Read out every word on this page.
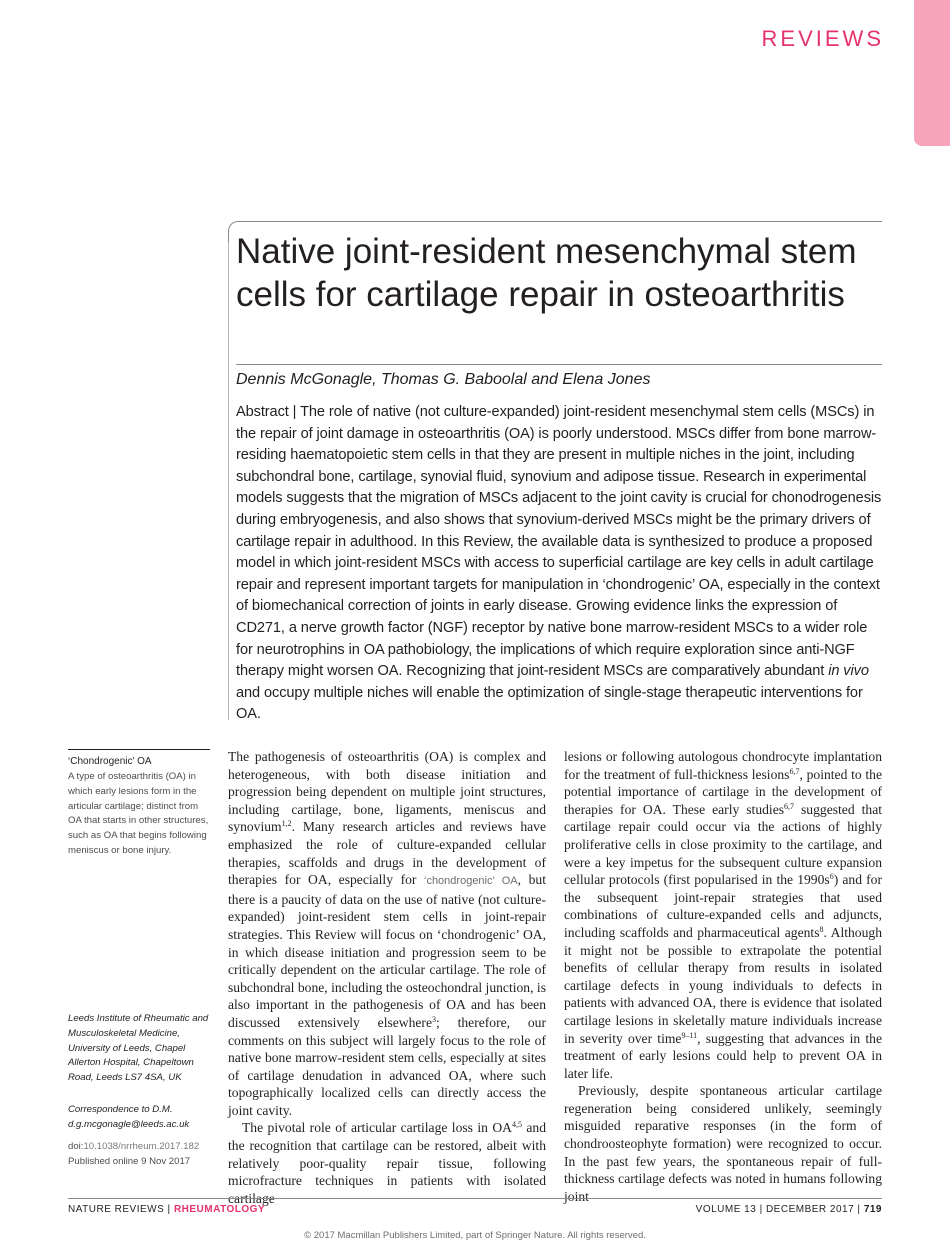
REVIEWS
Native joint-resident mesenchymal stem cells for cartilage repair in osteoarthritis
Dennis McGonagle, Thomas G. Baboolal and Elena Jones
Abstract | The role of native (not culture-expanded) joint-resident mesenchymal stem cells (MSCs) in the repair of joint damage in osteoarthritis (OA) is poorly understood. MSCs differ from bone marrow-residing haematopoietic stem cells in that they are present in multiple niches in the joint, including subchondral bone, cartilage, synovial fluid, synovium and adipose tissue. Research in experimental models suggests that the migration of MSCs adjacent to the joint cavity is crucial for chonodrogenesis during embryogenesis, and also shows that synovium-derived MSCs might be the primary drivers of cartilage repair in adulthood. In this Review, the available data is synthesized to produce a proposed model in which joint-resident MSCs with access to superficial cartilage are key cells in adult cartilage repair and represent important targets for manipulation in ‘chondrogenic’ OA, especially in the context of biomechanical correction of joints in early disease. Growing evidence links the expression of CD271, a nerve growth factor (NGF) receptor by native bone marrow-resident MSCs to a wider role for neurotrophins in OA pathobiology, the implications of which require exploration since anti-NGF therapy might worsen OA. Recognizing that joint-resident MSCs are comparatively abundant in vivo and occupy multiple niches will enable the optimization of single-stage therapeutic interventions for OA.
‘Chondrogenic’ OA
A type of osteoarthritis (OA) in which early lesions form in the articular cartilage; distinct from OA that starts in other structures, such as OA that begins following meniscus or bone injury.
Leeds Institute of Rheumatic and Musculoskeletal Medicine, University of Leeds, Chapel Allerton Hospital, Chapeltown Road, Leeds LS7 4SA, UK
Correspondence to D.M.
d.g.mcgonagle@leeds.ac.uk
doi:10.1038/nrrheum.2017.182
Published online 9 Nov 2017

The pathogenesis of osteoarthritis (OA) is complex and heterogeneous, with both disease initiation and progression being dependent on multiple joint structures, including cartilage, bone, ligaments, meniscus and synovium$^{1,2}$. Many research articles and reviews have emphasized the role of culture-expanded cellular therapies, scaffolds and drugs in the development of therapies for OA, especially for ‘chondrogenic’ OA, but there is a paucity of data on the use of native (not culture-expanded) joint-resident stem cells in joint-repair strategies. This Review will focus on ‘chondrogenic’ OA, in which disease initiation and progression seem to be critically dependent on the articular cartilage. The role of subchondral bone, including the osteochondral junction, is also important in the pathogenesis of OA and has been discussed extensively elsewhere$^3$; therefore, our comments on this subject will largely focus to the role of native bone marrow-resident stem cells, especially at sites of cartilage denudation in advanced OA, where such topographically localized cells can directly access the joint cavity.

The pivotal role of articular cartilage loss in OA$^{4,5}$ and the recognition that cartilage can be restored, albeit with relatively poor-quality repair tissue, following microfracture techniques in patients with isolated cartilage

lesions or following autologous chondrocyte implantation for the treatment of full-thickness lesions$^{6,7}$, pointed to the potential importance of cartilage in the development of therapies for OA. These early studies$^{6,7}$ suggested that cartilage repair could occur via the actions of highly proliferative cells in close proximity to the cartilage, and were a key impetus for the subsequent culture expansion cellular protocols (first popularised in the $1990s^6$) and for the subsequent joint-repair strategies that used combinations of culture-expanded cells and adjuncts, including scaffolds and pharmaceutical agents$^8$. Although it might not be possible to extrapolate the potential benefits of cellular therapy from results in isolated cartilage defects in young individuals to defects in patients with advanced OA, there is evidence that isolated cartilage lesions in skeletally mature individuals increase in severity over time$^{9-11}$, suggesting that advances in the treatment of early lesions could help to prevent OA in later life.

Previously, despite spontaneous articular cartilage regeneration being considered unlikely, seemingly misguided reparative responses (in the form of chondroosteophyte formation) were recognized to occur. In the past few years, the spontaneous repair of full-thickness cartilage defects was noted in humans following joint

NATURE REVIEWS | RHEUMATOLOGY	VOLUME 13 | DECEMBER 2017 | 719
© 2017 Macmillan Publishers Limited, part of Springer Nature. All rights reserved.
